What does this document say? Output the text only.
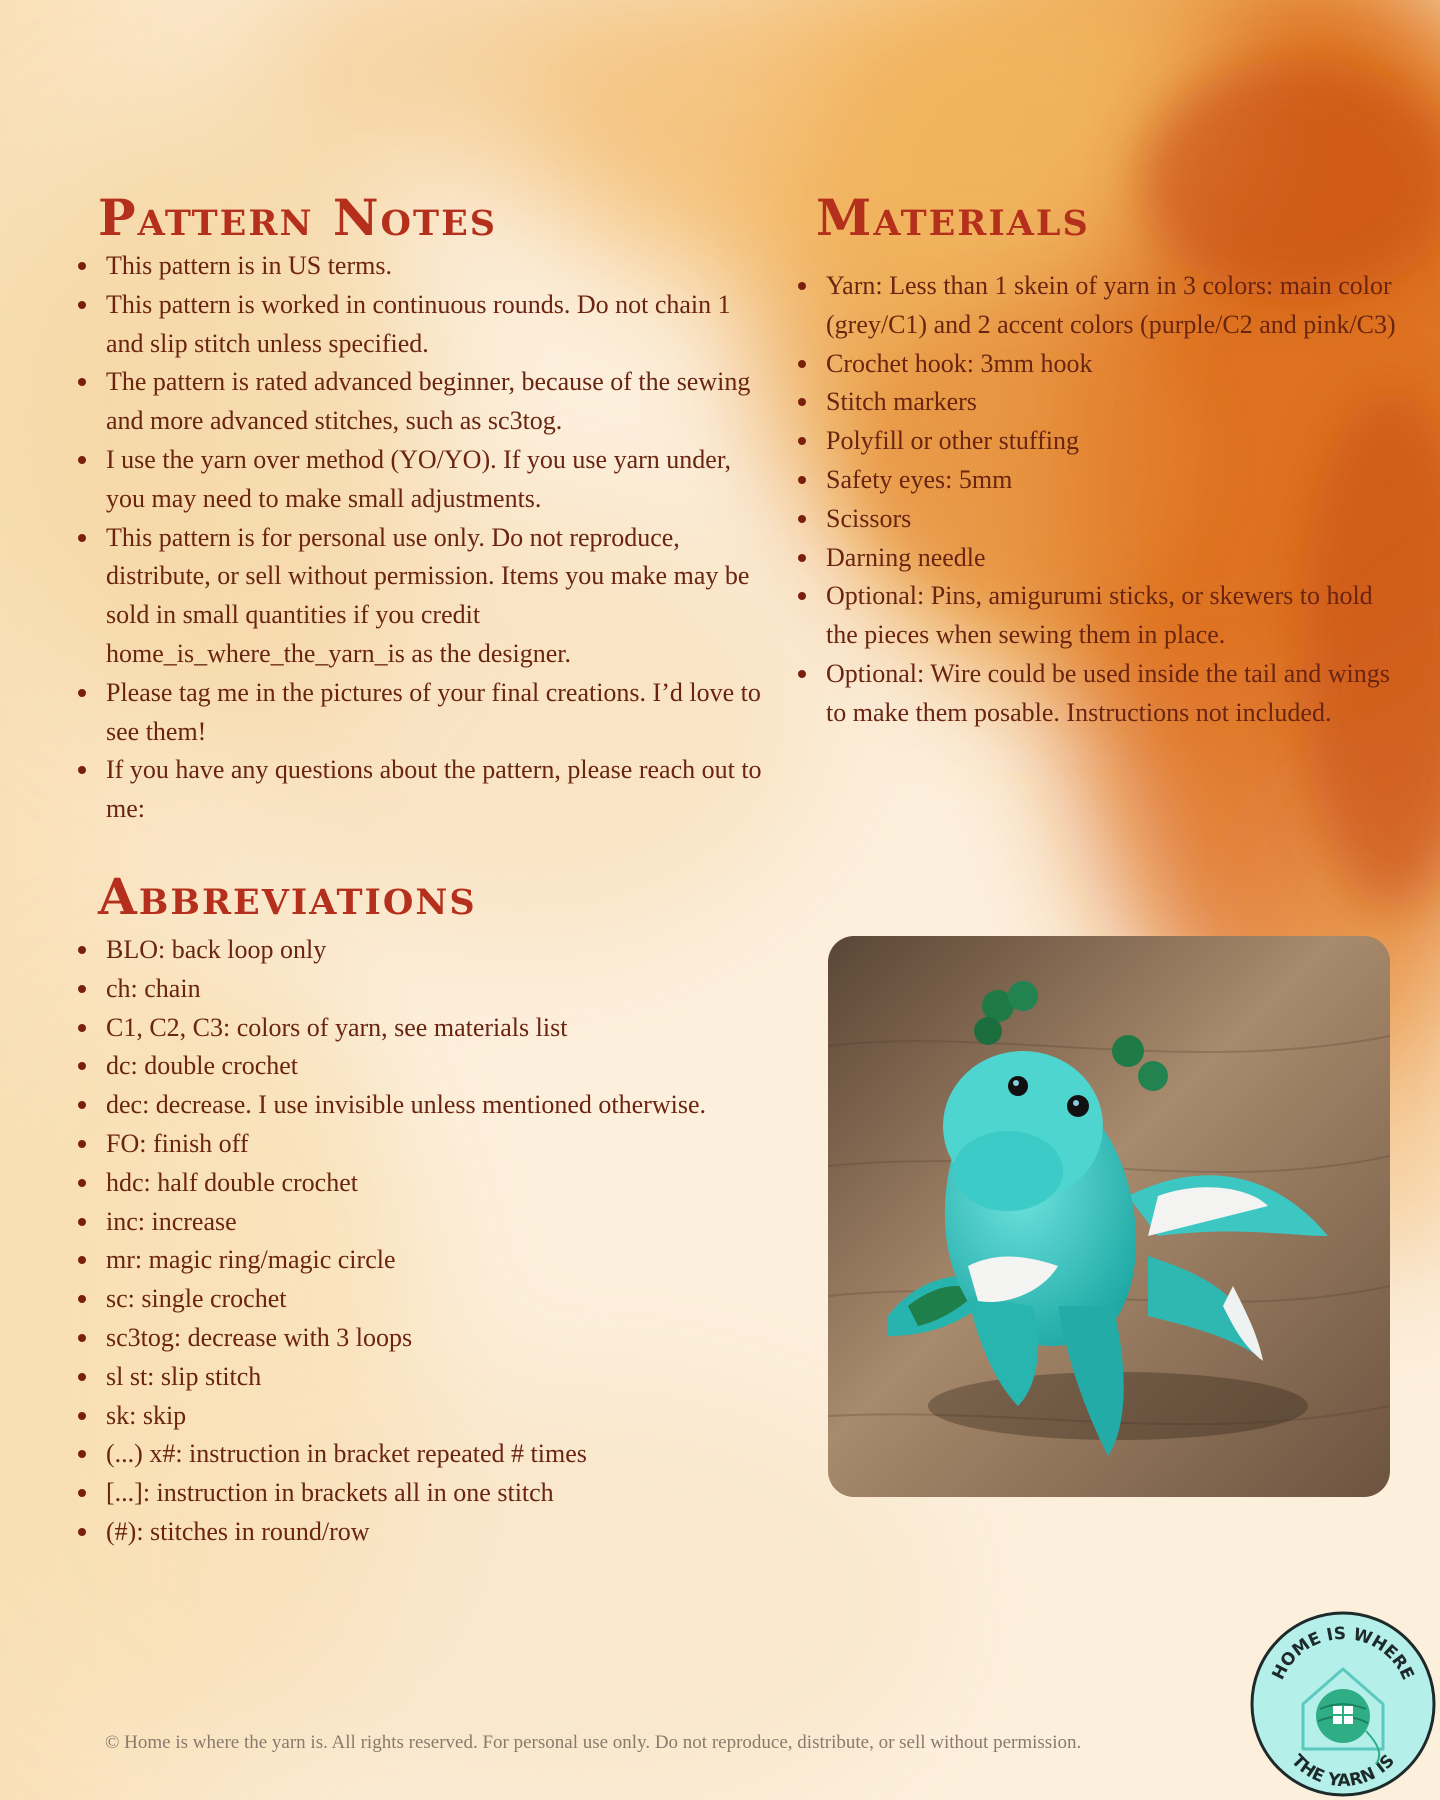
Pattern Notes
This pattern is in US terms.
This pattern is worked in continuous rounds. Do not chain 1 and slip stitch unless specified.
The pattern is rated advanced beginner, because of the sewing and more advanced stitches, such as sc3tog.
I use the yarn over method (YO/YO). If you use yarn under, you may need to make small adjustments.
This pattern is for personal use only. Do not reproduce, distribute, or sell without permission. Items you make may be sold in small quantities if you credit home_is_where_the_yarn_is as the designer.
Please tag me in the pictures of your final creations. I’d love to see them!
If you have any questions about the pattern, please reach out to me:
Materials
Yarn: Less than 1 skein of yarn in 3 colors: main color (grey/C1) and 2 accent colors (purple/C2 and pink/C3)
Crochet hook: 3mm hook
Stitch markers
Polyfill or other stuffing
Safety eyes: 5mm
Scissors
Darning needle
Optional: Pins, amigurumi sticks, or skewers to hold the pieces when sewing them in place.
Optional: Wire could be used inside the tail and wings to make them posable. Instructions not included.
Abbreviations
BLO: back loop only
ch: chain
C1, C2, C3: colors of yarn, see materials list
dc: double crochet
dec: decrease. I use invisible unless mentioned otherwise.
FO: finish off
hdc: half double crochet
inc: increase
mr: magic ring/magic circle
sc: single crochet
sc3tog: decrease with 3 loops
sl st: slip stitch
sk: skip
(...) x#: instruction in bracket repeated # times
[...]: instruction in brackets all in one stitch
(#): stitches in round/row
© Home is where the yarn is. All rights reserved. For personal use only. Do not reproduce, distribute, or sell without permission.
HOME IS WHERE
THE YARN IS
